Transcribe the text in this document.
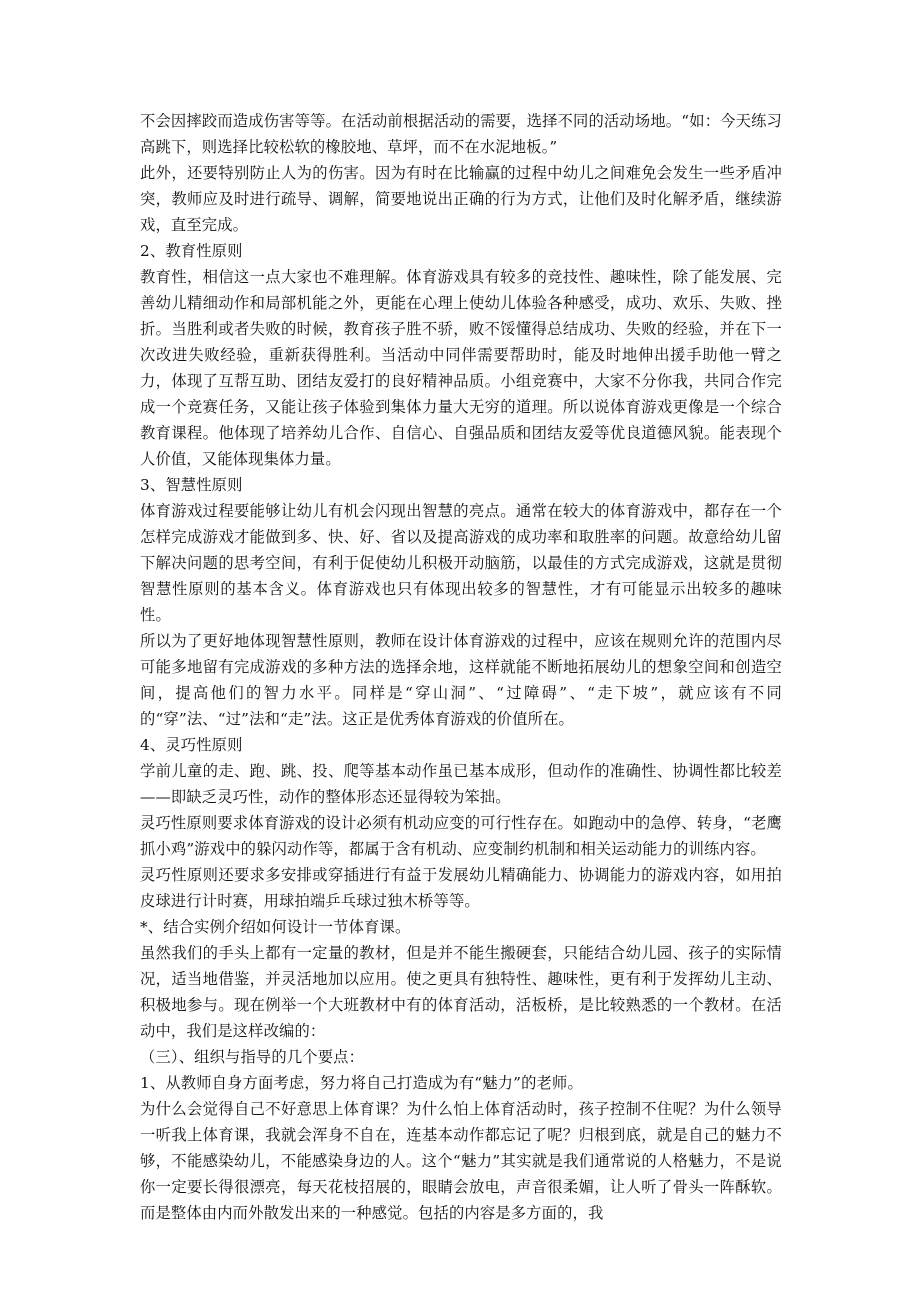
不会因摔跤而造成伤害等等。在活动前根据活动的需要，选择不同的活动场地。“如：今天练习高跳下，则选择比较松软的橡胶地、草坪，而不在水泥地板。”

此外，还要特别防止人为的伤害。因为有时在比输赢的过程中幼儿之间难免会发生一些矛盾冲突，教师应及时进行疏导、调解，简要地说出正确的行为方式，让他们及时化解矛盾，继续游戏，直至完成。

2、教育性原则

教育性，相信这一点大家也不难理解。体育游戏具有较多的竞技性、趣味性，除了能发展、完善幼儿精细动作和局部机能之外，更能在心理上使幼儿体验各种感受，成功、欢乐、失败、挫折。当胜利或者失败的时候，教育孩子胜不骄，败不馁懂得总结成功、失败的经验，并在下一次改进失败经验，重新获得胜利。当活动中同伴需要帮助时，能及时地伸出援手助他一臂之力，体现了互帮互助、团结友爱打的良好精神品质。小组竞赛中，大家不分你我，共同合作完成一个竞赛任务，又能让孩子体验到集体力量大无穷的道理。所以说体育游戏更像是一个综合教育课程。他体现了培养幼儿合作、自信心、自强品质和团结友爱等优良道德风貌。能表现个人价值，又能体现集体力量。

3、智慧性原则

体育游戏过程要能够让幼儿有机会闪现出智慧的亮点。通常在较大的体育游戏中，都存在一个怎样完成游戏才能做到多、快、好、省以及提高游戏的成功率和取胜率的问题。故意给幼儿留下解决问题的思考空间，有利于促使幼儿积极开动脑筋，以最佳的方式完成游戏，这就是贯彻智慧性原则的基本含义。体育游戏也只有体现出较多的智慧性，才有可能显示出较多的趣味性。

所以为了更好地体现智慧性原则，教师在设计体育游戏的过程中，应该在规则允许的范围内尽可能多地留有完成游戏的多种方法的选择余地，这样就能不断地拓展幼儿的想象空间和创造空间，提高他们的智力水平。同样是“穿山洞”、“过障碍”、“走下坡”，就应该有不同的“穿”法、“过”法和“走”法。这正是优秀体育游戏的价值所在。

4、灵巧性原则

学前儿童的走、跑、跳、投、爬等基本动作虽已基本成形，但动作的准确性、协调性都比较差——即缺乏灵巧性，动作的整体形态还显得较为笨拙。

灵巧性原则要求体育游戏的设计必须有机动应变的可行性存在。如跑动中的急停、转身，“老鹰抓小鸡”游戏中的躲闪动作等，都属于含有机动、应变制约机制和相关运动能力的训练内容。

灵巧性原则还要求多安排或穿插进行有益于发展幼儿精确能力、协调能力的游戏内容，如用拍皮球进行计时赛，用球拍端乒乓球过独木桥等等。

*、结合实例介绍如何设计一节体育课。

虽然我们的手头上都有一定量的教材，但是并不能生搬硬套，只能结合幼儿园、孩子的实际情况，适当地借鉴，并灵活地加以应用。使之更具有独特性、趣味性，更有利于发挥幼儿主动、积极地参与。现在例举一个大班教材中有的体育活动，活板桥，是比较熟悉的一个教材。在活动中，我们是这样改编的：

（三）、组织与指导的几个要点：

1、从教师自身方面考虑，努力将自己打造成为有“魅力”的老师。

为什么会觉得自己不好意思上体育课？为什么怕上体育活动时，孩子控制不住呢？为什么领导一听我上体育课，我就会浑身不自在，连基本动作都忘记了呢？归根到底，就是自己的魅力不够，不能感染幼儿，不能感染身边的人。这个“魅力”其实就是我们通常说的人格魅力，不是说你一定要长得很漂亮，每天花枝招展的，眼睛会放电，声音很柔媚，让人听了骨头一阵酥软。而是整体由内而外散发出来的一种感觉。包括的内容是多方面的，我
